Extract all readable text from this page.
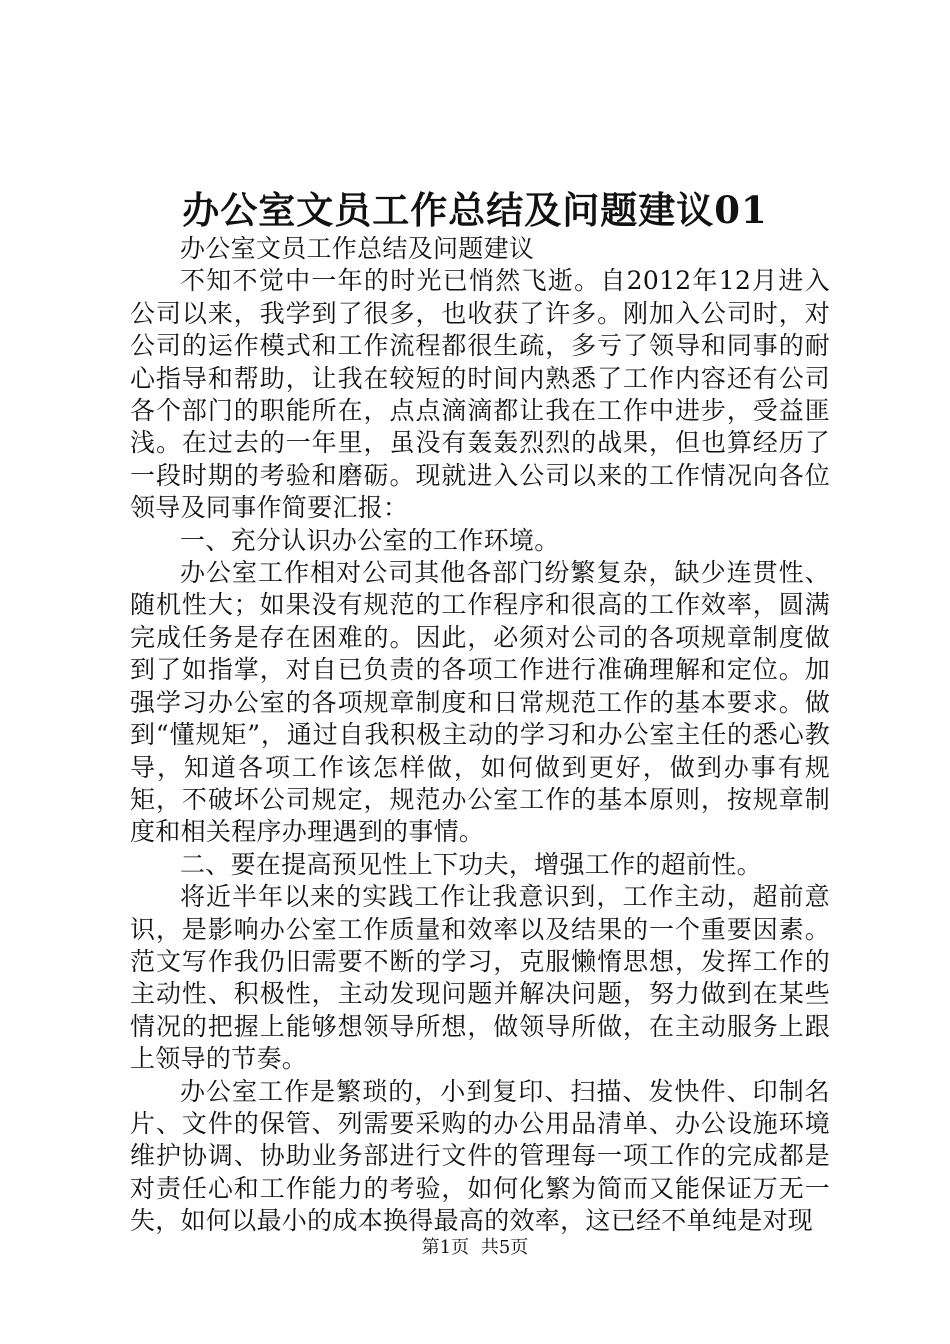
办公室文员工作总结及问题建议01

办公室文员工作总结及问题建议

不知不觉中一年的时光已悄然飞逝。自2012年12月进入公司以来，我学到了很多，也收获了许多。刚加入公司时，对公司的运作模式和工作流程都很生疏，多亏了领导和同事的耐心指导和帮助，让我在较短的时间内熟悉了工作内容还有公司各个部门的职能所在，点点滴滴都让我在工作中进步，受益匪浅。在过去的一年里，虽没有轰轰烈烈的战果，但也算经历了一段时期的考验和磨砺。现就进入公司以来的工作情况向各位领导及同事作简要汇报：

一、充分认识办公室的工作环境。

办公室工作相对公司其他各部门纷繁复杂，缺少连贯性、随机性大；如果没有规范的工作程序和很高的工作效率，圆满完成任务是存在困难的。因此，必须对公司的各项规章制度做到了如指掌，对自已负责的各项工作进行准确理解和定位。加强学习办公室的各项规章制度和日常规范工作的基本要求。做到“懂规矩”，通过自我积极主动的学习和办公室主任的悉心教导，知道各项工作该怎样做，如何做到更好，做到办事有规矩，不破坏公司规定，规范办公室工作的基本原则，按规章制度和相关程序办理遇到的事情。

二、要在提高预见性上下功夫，增强工作的超前性。

将近半年以来的实践工作让我意识到，工作主动，超前意识，是影响办公室工作质量和效率以及结果的一个重要因素。范文写作我仍旧需要不断的学习，克服懒惰思想，发挥工作的主动性、积极性，主动发现问题并解决问题，努力做到在某些情况的把握上能够想领导所想，做领导所做，在主动服务上跟上领导的节奏。

办公室工作是繁琐的，小到复印、扫描、发快件、印制名片、文件的保管、列需要采购的办公用品清单、办公设施环境维护协调、协助业务部进行文件的管理每一项工作的完成都是对责任心和工作能力的考验，如何化繁为简而又能保证万无一失，如何以最小的成本换得最高的效率，这已经不单纯是对现

第1页 共5页
